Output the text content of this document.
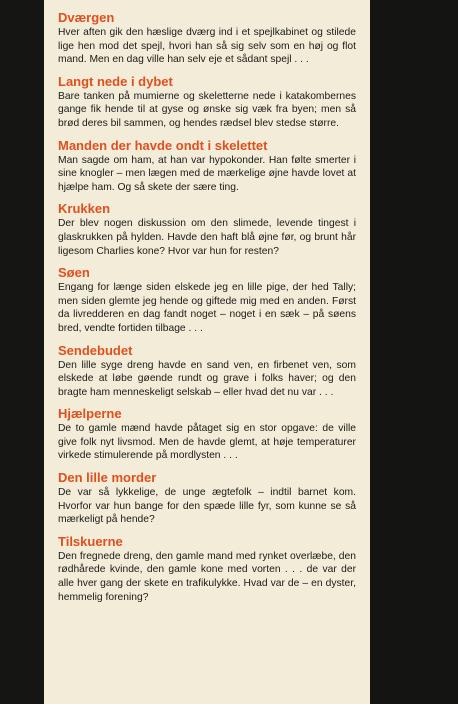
Dværgen

Hver aften gik den hæslige dværg ind i et spejlkabinet og stilede lige hen mod det spejl, hvori han så sig selv som en høj og flot mand. Men en dag ville han selv eje et sådant spejl . . .

Langt nede i dybet

Bare tanken på mumierne og skeletterne nede i katakombernes gange fik hende til at gyse og ønske sig væk fra byen; men så brød deres bil sammen, og hendes rædsel blev stedse større.

Manden der havde ondt i skelettet

Man sagde om ham, at han var hypokonder. Han følte smerter i sine knogler – men lægen med de mærkelige øjne havde lovet at hjælpe ham. Og så skete der sære ting.

Krukken

Der blev nogen diskussion om den slimede, levende tingest i glaskrukken på hylden. Havde den haft blå øjne før, og brunt hår ligesom Charlies kone? Hvor var hun for resten?

Søen

Engang for længe siden elskede jeg en lille pige, der hed Tally; men siden glemte jeg hende og giftede mig med en anden. Først da livredderen en dag fandt noget – noget i en sæk – på søens bred, vendte fortiden tilbage . . .

Sendebudet

Den lille syge dreng havde en sand ven, en firbenet ven, som elskede at løbe gøende rundt og grave i folks haver; og den bragte ham menneskeligt selskab – eller hvad det nu var . . .

Hjælperne

De to gamle mænd havde påtaget sig en stor opgave: de ville give folk nyt livsmod. Men de havde glemt, at høje temperaturer virkede stimulerende på mordlysten . . .

Den lille morder

De var så lykkelige, de unge ægtefolk – indtil barnet kom. Hvorfor var hun bange for den spæde lille fyr, som kunne se så mærkeligt på hende?

Tilskuerne

Den fregnede dreng, den gamle mand med rynket overlæbe, den rødhårede kvinde, den gamle kone med vorten . . . de var der alle hver gang der skete en trafikulykke. Hvad var de – en dyster, hemmelig forening?
